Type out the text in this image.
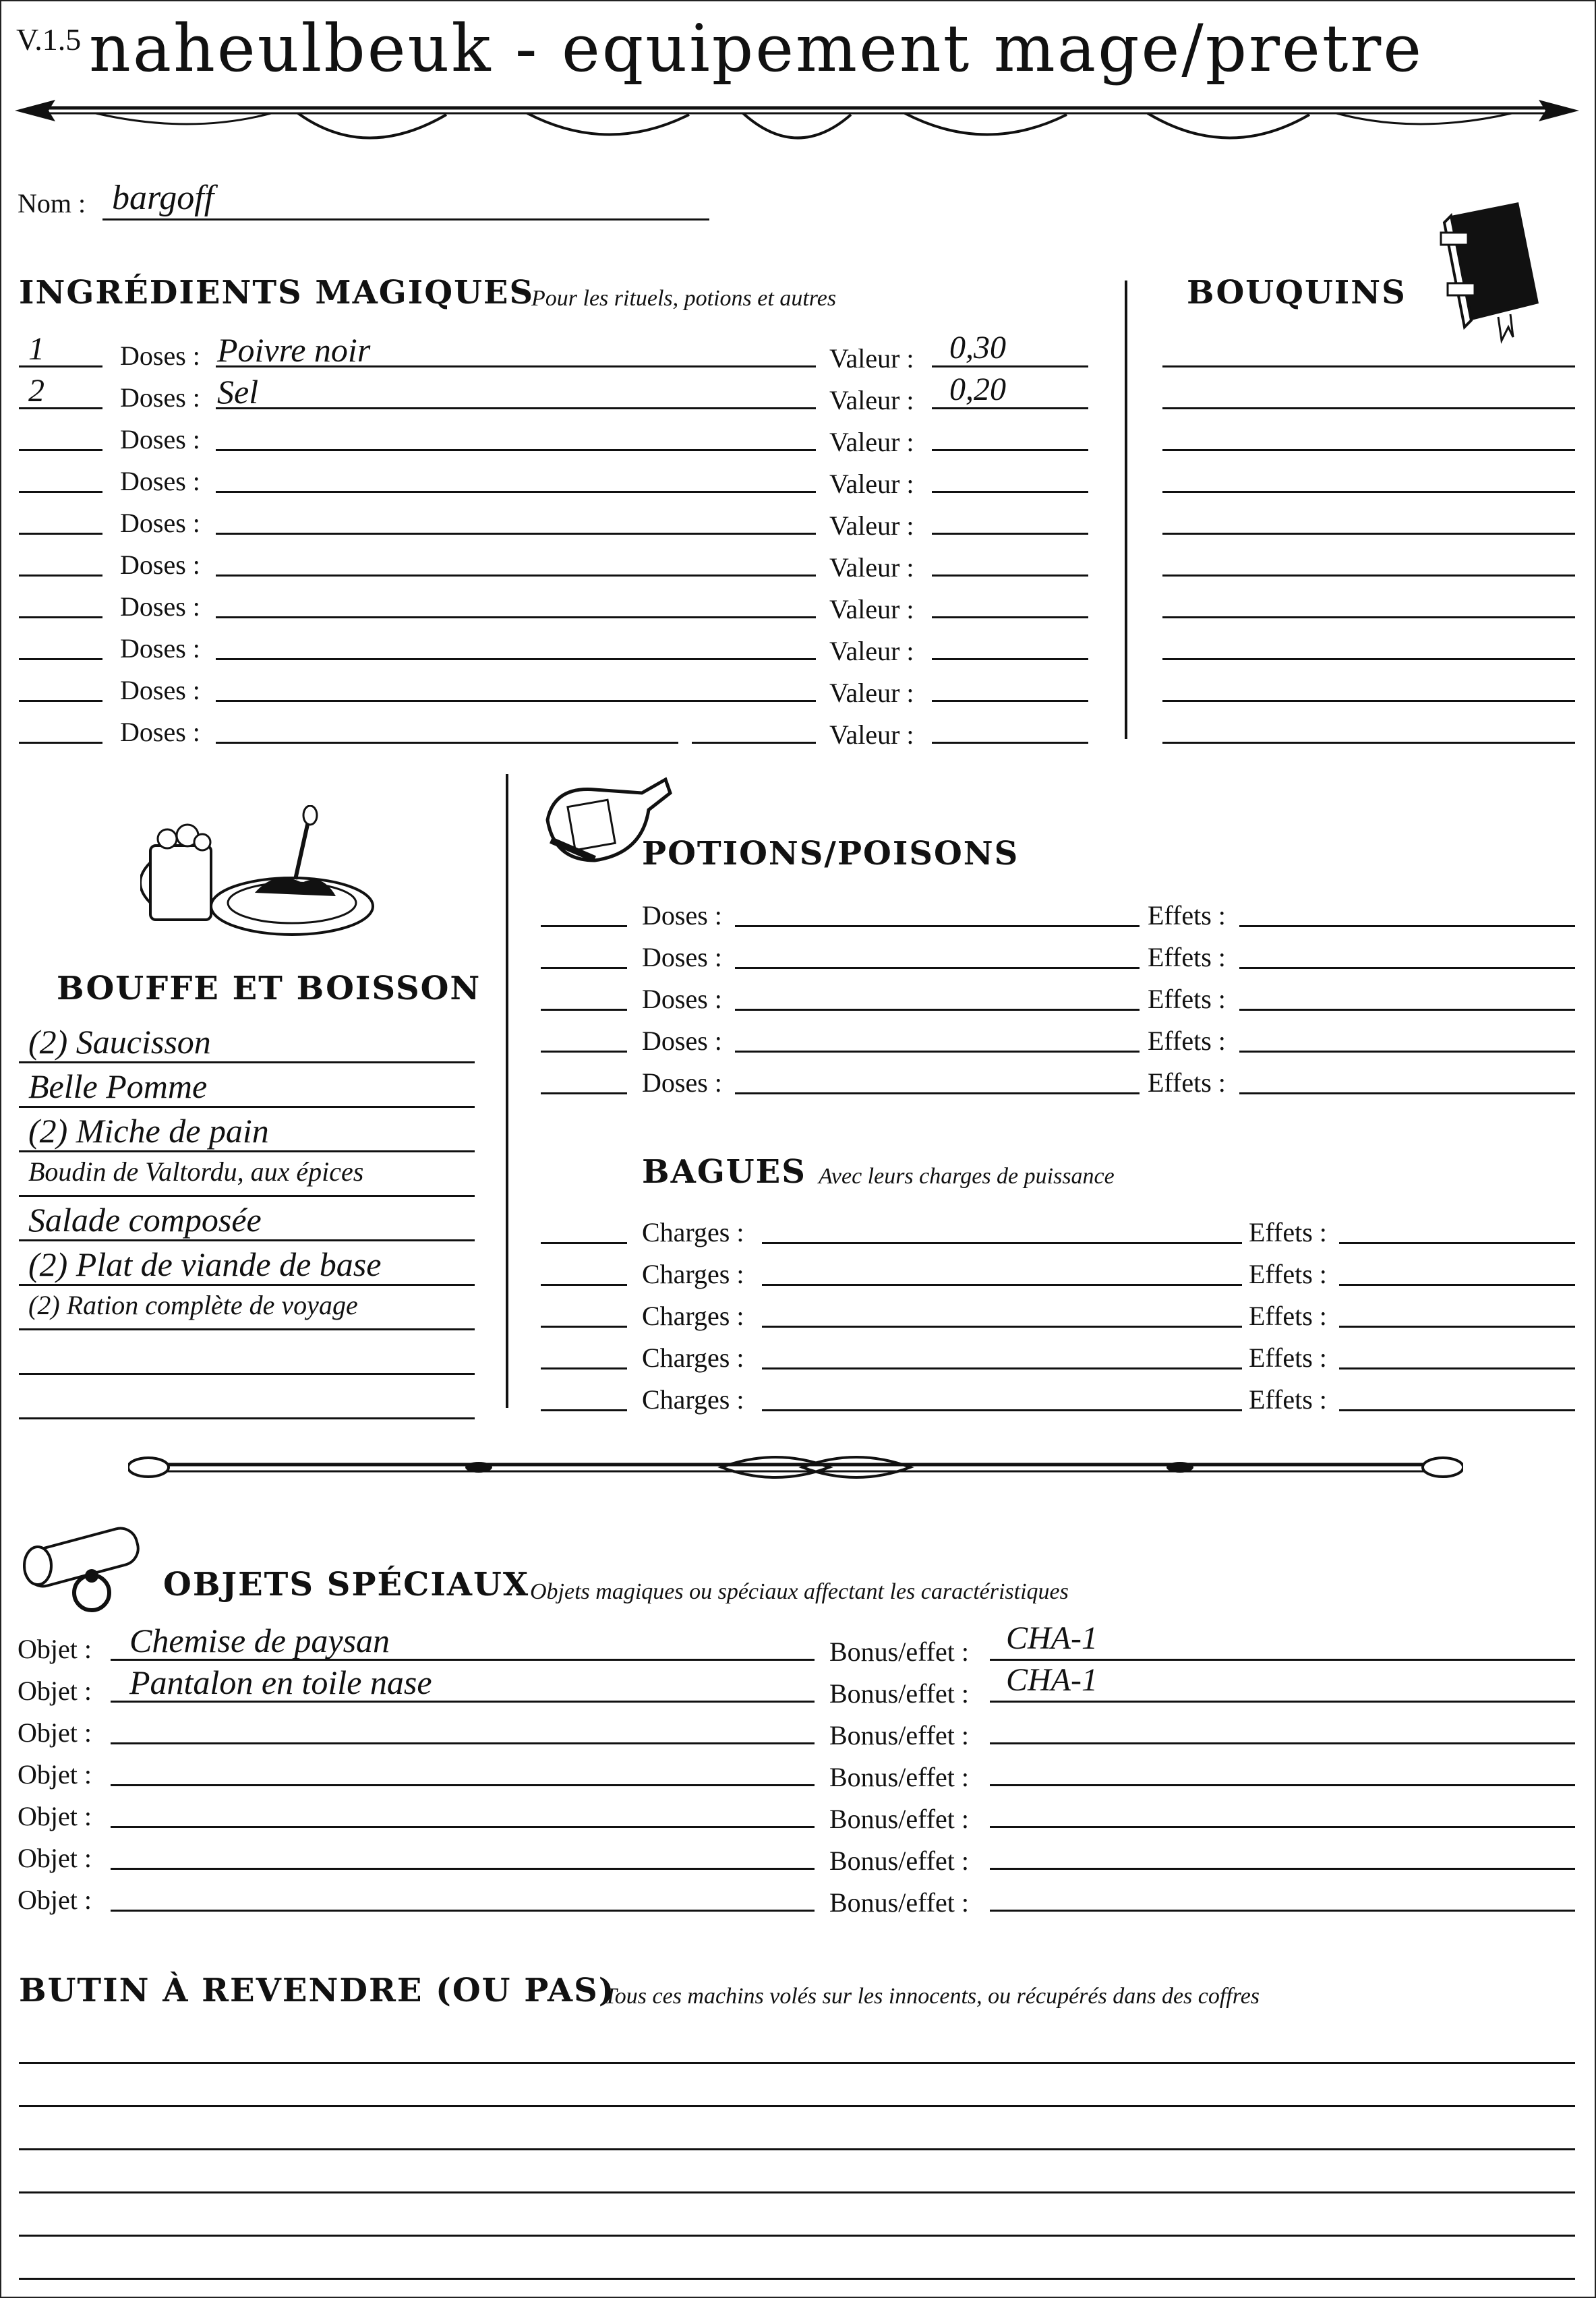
V.1.5 naheulbeuk - equipement mage/pretre
Nom : bargoff
INGRÉDIENTS MAGIQUES
Pour les rituels, potions et autres
1	Doses : Poivre noir	Valeur : 0,30
2	Doses : Sel	Valeur : 0,20
Doses :	Valeur :
Doses :	Valeur :
Doses :	Valeur :
Doses :	Valeur :
Doses :	Valeur :
Doses :	Valeur :
Doses :	Valeur :
Doses :	Valeur :
BOUQUINS
BOUFFE ET BOISSON
(2) Saucisson
Belle Pomme
(2) Miche de pain
Boudin de Valtordu, aux épices
Salade composée
(2) Plat de viande de base
(2) Ration complète de voyage
POTIONS/POISONS
Doses :	Effets :
Doses :	Effets :
Doses :	Effets :
Doses :	Effets :
Doses :	Effets :
BAGUES Avec leurs charges de puissance
Charges :	Effets :
Charges :	Effets :
Charges :	Effets :
Charges :	Effets :
Charges :	Effets :
OBJETS SPÉCIAUX Objets magiques ou spéciaux affectant les caractéristiques
Objet : Chemise de paysan	Bonus/effet : CHA-1
Objet : Pantalon en toile nase	Bonus/effet : CHA-1
Objet :	Bonus/effet :
Objet :	Bonus/effet :
Objet :	Bonus/effet :
Objet :	Bonus/effet :
Objet :	Bonus/effet :
BUTIN À REVENDRE (OU PAS)
Tous ces machins volés sur les innocents, ou récupérés dans des coffres
